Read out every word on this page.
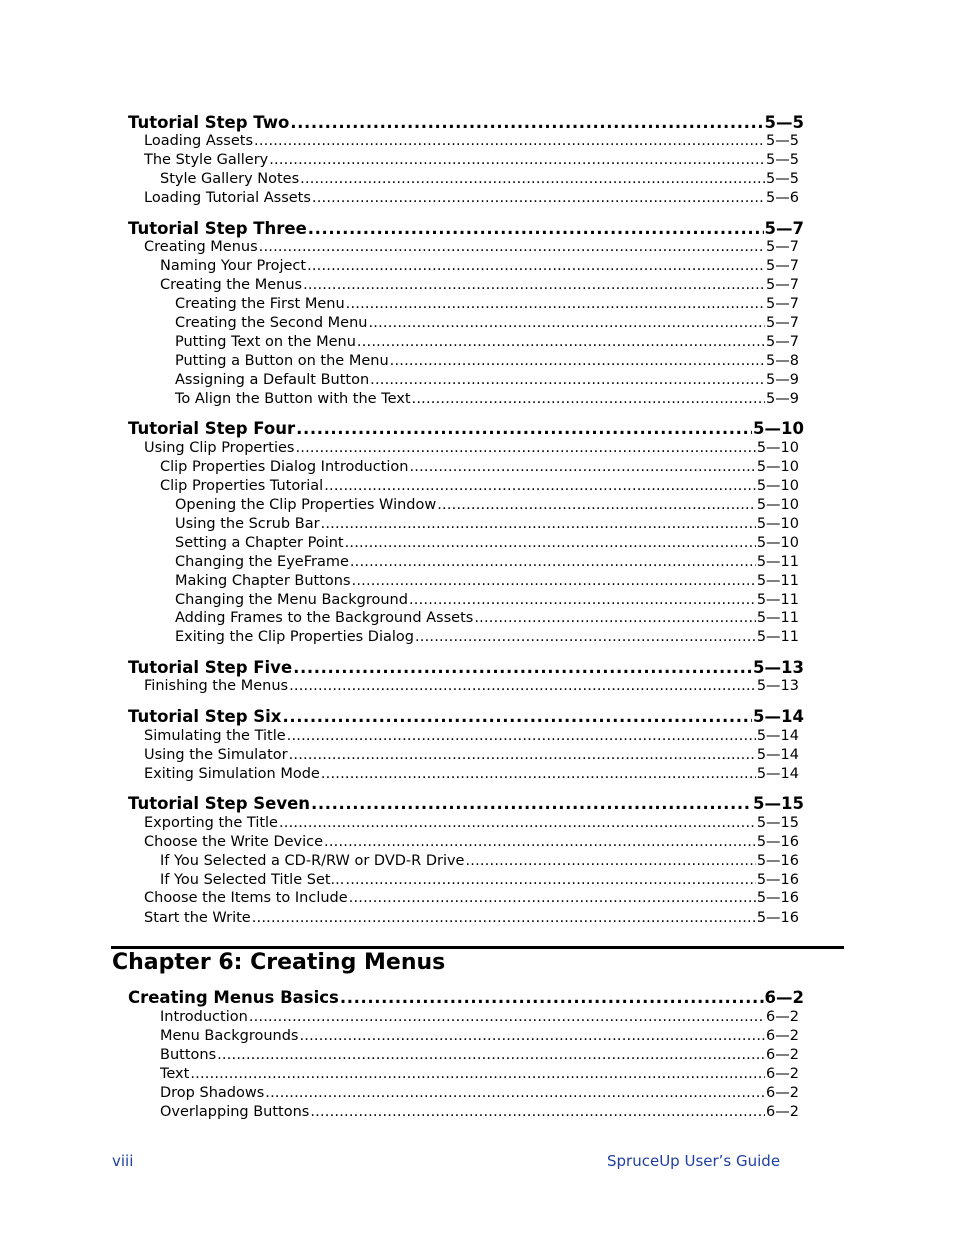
Tutorial Step Two .....	5—5
Loading Assets .....	5—5
The Style Gallery .....	5—5
Style Gallery Notes .....	5—5
Loading Tutorial Assets .....	5—6
Tutorial Step Three .....	5—7
Creating Menus .....	5—7
Naming Your Project .....	5—7
Creating the Menus .....	5—7
Creating the First Menu .....	5—7
Creating the Second Menu .....	5—7
Putting Text on the Menu .....	5—7
Putting a Button on the Menu .....	5—8
Assigning a Default Button .....	5—9
To Align the Button with the Text .....	5—9
Tutorial Step Four .....	5—10
Using Clip Properties .....	5—10
Clip Properties Dialog Introduction .....	5—10
Clip Properties Tutorial .....	5—10
Opening the Clip Properties Window .....	5—10
Using the Scrub Bar .....	5—10
Setting a Chapter Point .....	5—10
Changing the EyeFrame .....	5—11
Making Chapter Buttons .....	5—11
Changing the Menu Background .....	5—11
Adding Frames to the Background Assets .....	5—11
Exiting the Clip Properties Dialog .....	5—11
Tutorial Step Five .....	5—13
Finishing the Menus .....	5—13
Tutorial Step Six .....	5—14
Simulating the Title .....	5—14
Using the Simulator .....	5—14
Exiting Simulation Mode .....	5—14
Tutorial Step Seven .....	5—15
Exporting the Title .....	5—15
Choose the Write Device .....	5—16
If You Selected a CD-R/RW or DVD-R Drive .....	5—16
If You Selected Title Set... .....	5—16
Choose the Items to Include .....	5—16
Start the Write .....	5—16
Creating Menus Basics .....	6—2
Introduction .....	6—2
Menu Backgrounds .....	6—2
Buttons .....	6—2
Text .....	6—2
Drop Shadows .....	6—2
Overlapping Buttons .....	6—2
Chapter 6: Creating Menus
viii	SpruceUp User’s Guide
